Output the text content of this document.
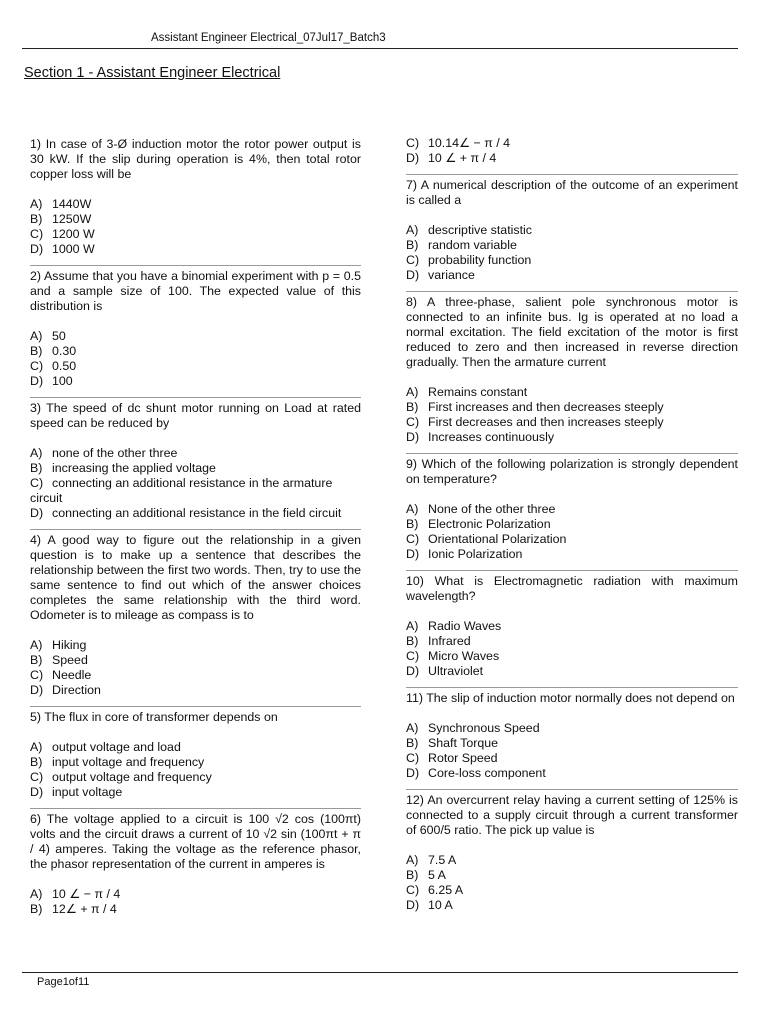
Assistant Engineer Electrical_07Jul17_Batch3
Section 1 - Assistant Engineer Electrical

1) In case of 3-Ø induction motor the rotor power output is 30 kW. If the slip during operation is 4%, then total rotor copper loss will be

A) 1440W
B) 1250W
C) 1200 W
D) 1000 W

2) Assume that you have a binomial experiment with p = 0.5 and a sample size of 100. The expected value of this distribution is

A) 50
B) 0.30
C) 0.50
D) 100

3) The speed of dc shunt motor running on Load at rated speed can be reduced by

A) none of the other three
B) increasing the applied voltage
C) connecting an additional resistance in the armature
circuit
D) connecting an additional resistance in the field circuit

4) A good way to figure out the relationship in a given question is to make up a sentence that describes the relationship between the first two words. Then, try to use the same sentence to find out which of the answer choices completes the same relationship with the third word. Odometer is to mileage as compass is to

A) Hiking
B) Speed
C) Needle
D) Direction

5) The flux in core of transformer depends on

A) output voltage and load
B) input voltage and frequency
C) output voltage and frequency
D) input voltage

6) The voltage applied to a circuit is 100 √2 cos (100πt) volts and the circuit draws a current of 10 √2 sin (100πt + π / 4) amperes. Taking the voltage as the reference phasor, the phasor representation of the current in amperes is

A) 10 ∠ − π / 4
B) 12∠ + π / 4
C) 10.14∠ − π / 4
D) 10 ∠ + π / 4

7) A numerical description of the outcome of an experiment is called a

A) descriptive statistic
B) random variable
C) probability function
D) variance

8) A three-phase, salient pole synchronous motor is connected to an infinite bus. Ig is operated at no load a normal excitation. The field excitation of the motor is first reduced to zero and then increased in reverse direction gradually. Then the armature current

A) Remains constant
B) First increases and then decreases steeply
C) First decreases and then increases steeply
D) Increases continuously

9) Which of the following polarization is strongly dependent on temperature?

A) None of the other three
B) Electronic Polarization
C) Orientational Polarization
D) Ionic Polarization

10) What is Electromagnetic radiation with maximum wavelength?

A) Radio Waves
B) Infrared
C) Micro Waves
D) Ultraviolet

11) The slip of induction motor normally does not depend on

A) Synchronous Speed
B) Shaft Torque
C) Rotor Speed
D) Core-loss component

12) An overcurrent relay having a current setting of 125% is connected to a supply circuit through a current transformer of 600/5 ratio. The pick up value is

A) 7.5 A
B) 5 A
C) 6.25 A
D) 10 A
Page1of11
